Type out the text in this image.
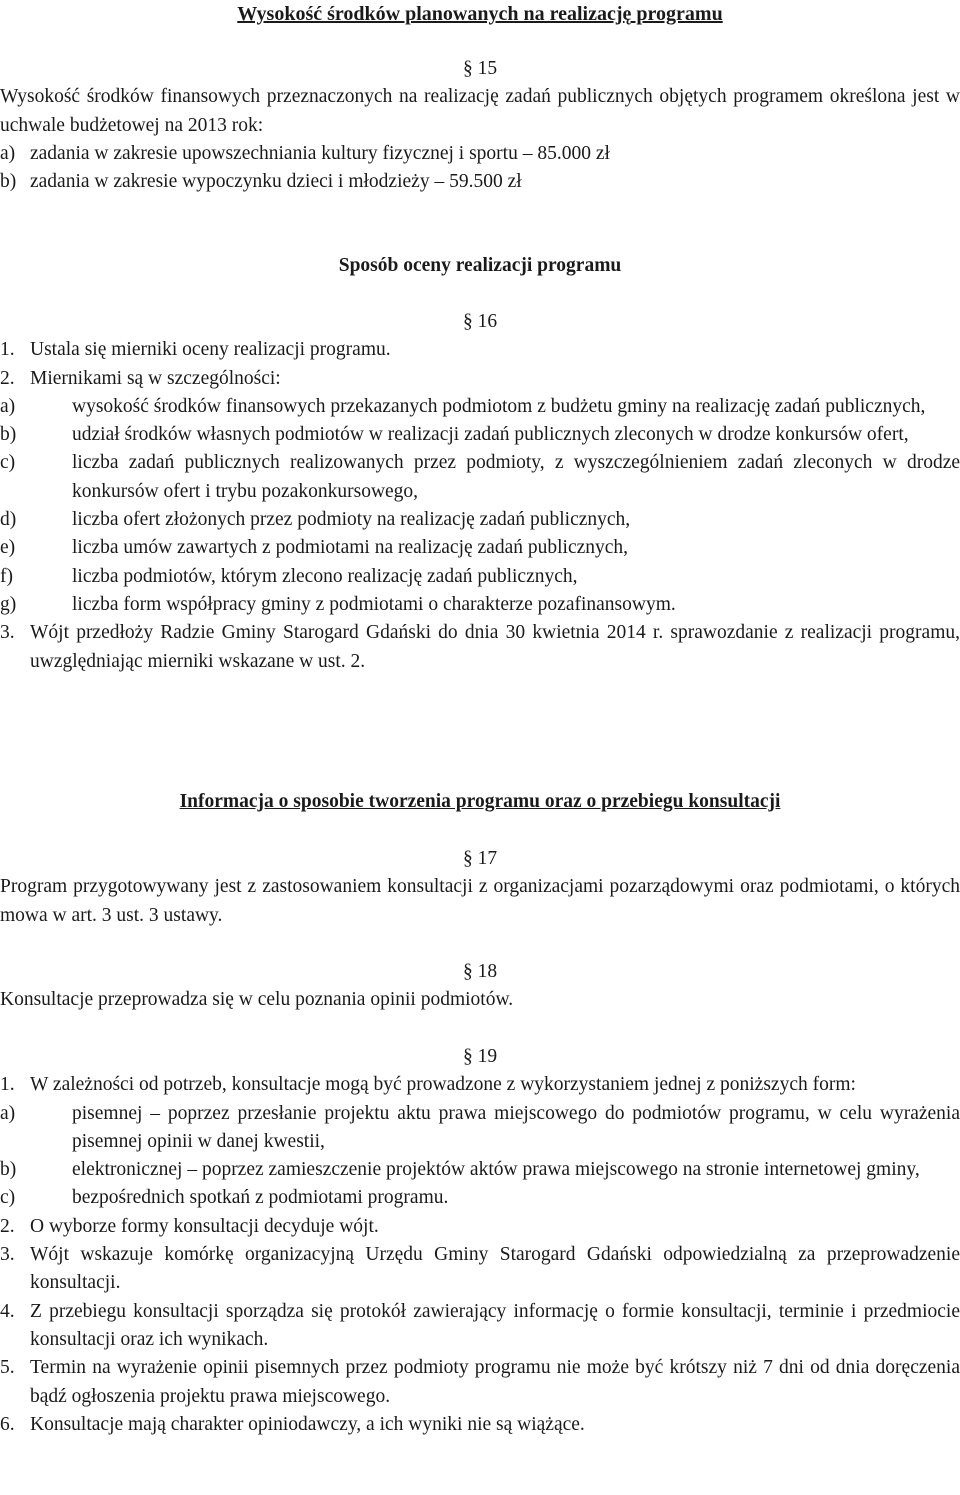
Wysokość środków planowanych na realizację programu

§ 15

Wysokość środków finansowych przeznaczonych na realizację zadań publicznych objętych programem określona jest w uchwale budżetowej na 2013 rok:

a) zadania w zakresie upowszechniania kultury fizycznej i sportu – 85.000 zł
b) zadania w zakresie wypoczynku dzieci i młodzieży – 59.500 zł

Sposób oceny realizacji programu

§ 16

1. Ustala się mierniki oceny realizacji programu.
2. Miernikami są w szczególności:
a)	wysokość środków finansowych przekazanych podmiotom z budżetu gminy na realizację zadań publicznych,
b)	udział środków własnych podmiotów w realizacji zadań publicznych zleconych w drodze konkursów ofert,
c)	liczba zadań publicznych realizowanych przez podmioty, z wyszczególnieniem zadań zleconych w drodze konkursów ofert i trybu pozakonkursowego,
d)	liczba ofert złożonych przez podmioty na realizację zadań publicznych,
e)	liczba umów zawartych z podmiotami na realizację zadań publicznych,
f)	liczba podmiotów, którym zlecono realizację zadań publicznych,
g)	liczba form współpracy gminy z podmiotami o charakterze pozafinansowym.
3. Wójt przedłoży Radzie Gminy Starogard Gdański do dnia 30 kwietnia 2014 r. sprawozdanie z realizacji programu, uwzględniając mierniki wskazane w ust. 2.

Informacja o sposobie tworzenia programu oraz o przebiegu konsultacji

§ 17

Program przygotowywany jest z zastosowaniem konsultacji z organizacjami pozarządowymi oraz podmiotami, o których mowa w art. 3 ust. 3 ustawy.

§ 18

Konsultacje przeprowadza się w celu poznania opinii podmiotów.

§ 19

1. W zależności od potrzeb, konsultacje mogą być prowadzone z wykorzystaniem jednej z poniższych form:
a)	pisemnej – poprzez przesłanie projektu aktu prawa miejscowego do podmiotów programu, w celu wyrażenia pisemnej opinii w danej kwestii,
b)	elektronicznej – poprzez zamieszczenie projektów aktów prawa miejscowego na stronie internetowej gminy,
c)	bezpośrednich spotkań z podmiotami programu.
2. O wyborze formy konsultacji decyduje wójt.
3. Wójt wskazuje komórkę organizacyjną Urzędu Gminy Starogard Gdański odpowiedzialną za przeprowadzenie konsultacji.
4. Z przebiegu konsultacji sporządza się protokół zawierający informację o formie konsultacji, terminie i przedmiocie konsultacji oraz ich wynikach.
5. Termin na wyrażenie opinii pisemnych przez podmioty programu nie może być krótszy niż 7 dni od dnia doręczenia bądź ogłoszenia projektu prawa miejscowego.
6. Konsultacje mają charakter opiniodawczy, a ich wyniki nie są wiążące.
